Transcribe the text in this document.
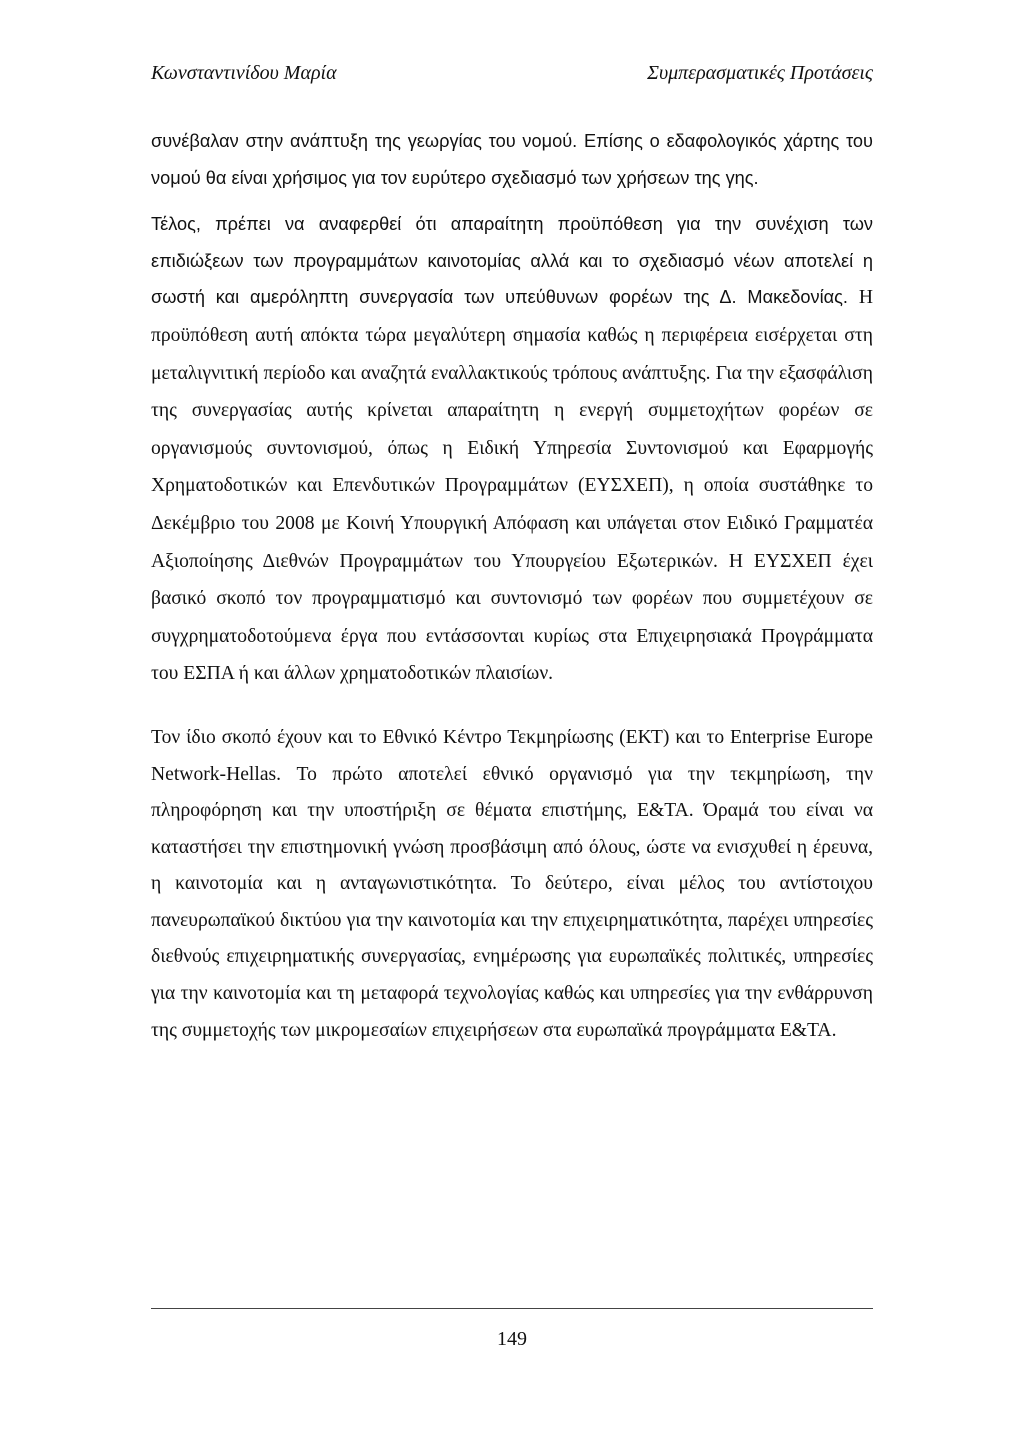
Κωνσταντινίδου Μαρία	Συμπερασματικές Προτάσεις

συνέβαλαν στην ανάπτυξη της γεωργίας του νομού. Επίσης ο εδαφολογικός χάρτης του νομού θα είναι χρήσιμος για τον ευρύτερο σχεδιασμό των χρήσεων της γης.

Τέλος, πρέπει να αναφερθεί ότι απαραίτητη προϋπόθεση για την συνέχιση των επιδιώξεων των προγραμμάτων καινοτομίας αλλά και το σχεδιασμό νέων αποτελεί η σωστή και αμερόληπτη συνεργασία των υπεύθυνων φορέων της Δ. Μακεδονίας. Η προϋπόθεση αυτή απόκτα τώρα μεγαλύτερη σημασία καθώς η περιφέρεια εισέρχεται στη μεταλιγνιτική περίοδο και αναζητά εναλλακτικούς τρόπους ανάπτυξης. Για την εξασφάλιση της συνεργασίας αυτής κρίνεται απαραίτητη η ενεργή συμμετοχήτων φορέων σε οργανισμούς συντονισμού, όπως η Ειδική Υπηρεσία Συντονισμού και Εφαρμογής Χρηματοδοτικών και Επενδυτικών Προγραμμάτων (ΕΥΣΧΕΠ), η οποία συστάθηκε το Δεκέμβριο του 2008 με Κοινή Υπουργική Απόφαση και υπάγεται στον Ειδικό Γραμματέα Αξιοποίησης Διεθνών Προγραμμάτων του Υπουργείου Εξωτερικών. Η ΕΥΣΧΕΠ έχει βασικό σκοπό τον προγραμματισμό και συντονισμό των φορέων που συμμετέχουν σε συγχρηματοδοτούμενα έργα που εντάσσονται κυρίως στα Επιχειρησιακά Προγράμματα του ΕΣΠΑ ή και άλλων χρηματοδοτικών πλαισίων.

Τον ίδιο σκοπό έχουν και το Εθνικό Κέντρο Τεκμηρίωσης (ΕΚΤ) και το Enterprise Europe Network-Hellas. Το πρώτο αποτελεί εθνικό οργανισμό για την τεκμηρίωση, την πληροφόρηση και την υποστήριξη σε θέματα επιστήμης, Ε&ΤΑ. Όραμά του είναι να καταστήσει την επιστημονική γνώση προσβάσιμη από όλους, ώστε να ενισχυθεί η έρευνα, η καινοτομία και η ανταγωνιστικότητα. Το δεύτερο, είναι μέλος του αντίστοιχου πανευρωπαϊκού δικτύου για την καινοτομία και την επιχειρηματικότητα, παρέχει υπηρεσίες διεθνούς επιχειρηματικής συνεργασίας, ενημέρωσης για ευρωπαϊκές πολιτικές, υπηρεσίες για την καινοτομία και τη μεταφορά τεχνολογίας καθώς και υπηρεσίες για την ενθάρρυνση της συμμετοχής των μικρομεσαίων επιχειρήσεων στα ευρωπαϊκά προγράμματα Ε&ΤΑ.

149
